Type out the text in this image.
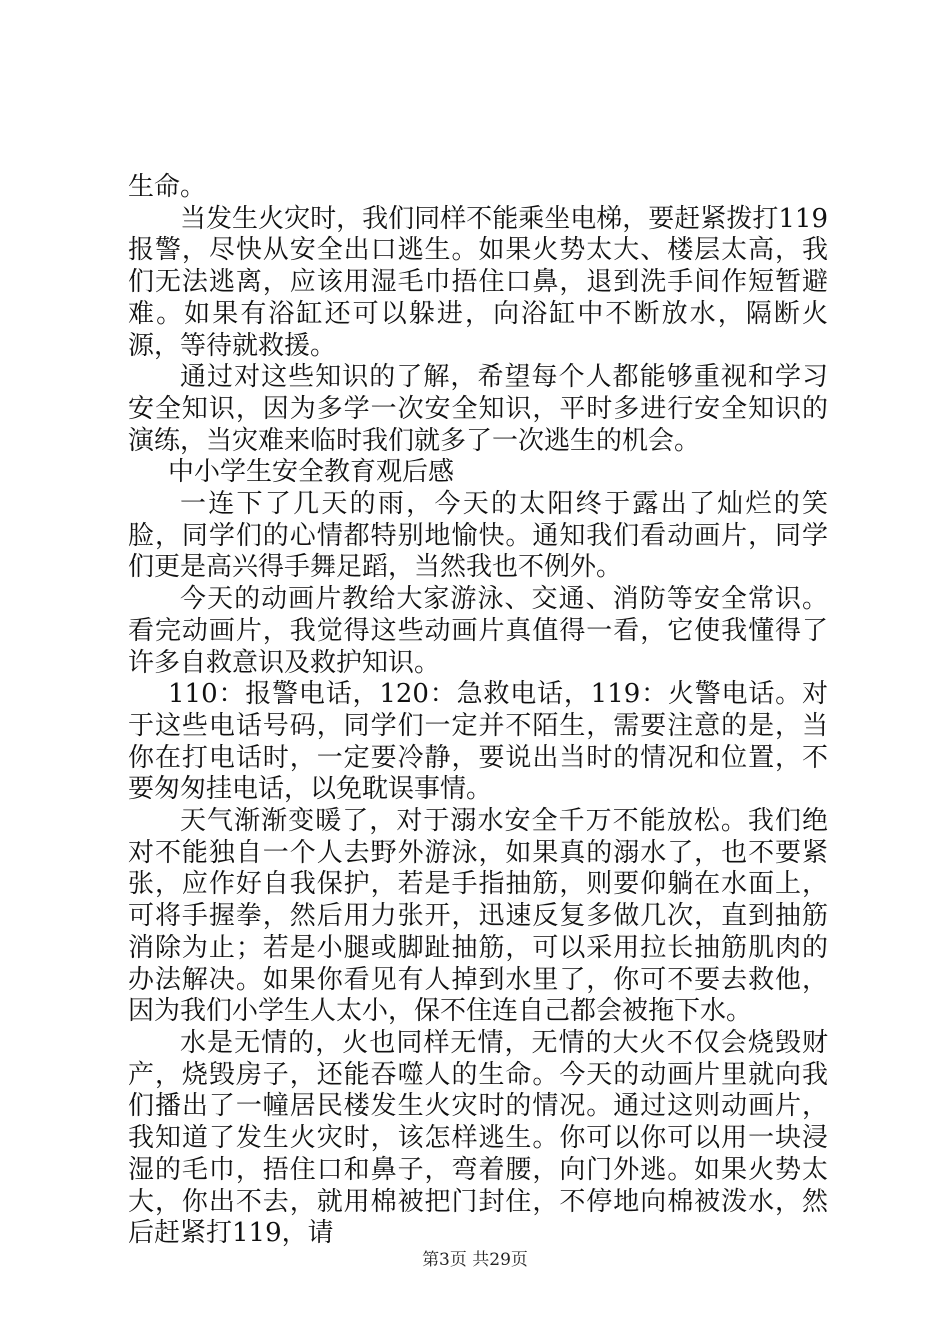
生命。

当发生火灾时，我们同样不能乘坐电梯，要赶紧拨打119报警，尽快从安全出口逃生。如果火势太大、楼层太高，我们无法逃离，应该用湿毛巾捂住口鼻，退到洗手间作短暂避难。如果有浴缸还可以躲进，向浴缸中不断放水，隔断火源，等待就救援。

通过对这些知识的了解，希望每个人都能够重视和学习安全知识，因为多学一次安全知识，平时多进行安全知识的演练，当灾难来临时我们就多了一次逃生的机会。

中小学生安全教育观后感

一连下了几天的雨，今天的太阳终于露出了灿烂的笑脸，同学们的心情都特别地愉快。通知我们看动画片，同学们更是高兴得手舞足蹈，当然我也不例外。

今天的动画片教给大家游泳、交通、消防等安全常识。看完动画片，我觉得这些动画片真值得一看，它使我懂得了许多自救意识及救护知识。

110：报警电话，120：急救电话，119：火警电话。对于这些电话号码，同学们一定并不陌生，需要注意的是，当你在打电话时，一定要冷静，要说出当时的情况和位置，不要匆匆挂电话，以免耽误事情。

天气渐渐变暖了，对于溺水安全千万不能放松。我们绝对不能独自一个人去野外游泳，如果真的溺水了，也不要紧张，应作好自我保护，若是手指抽筋，则要仰躺在水面上，可将手握拳，然后用力张开，迅速反复多做几次，直到抽筋消除为止；若是小腿或脚趾抽筋，可以采用拉长抽筋肌肉的办法解决。如果你看见有人掉到水里了，你可不要去救他，因为我们小学生人太小，保不住连自己都会被拖下水。

水是无情的，火也同样无情，无情的大火不仅会烧毁财产，烧毁房子，还能吞噬人的生命。今天的动画片里就向我们播出了一幢居民楼发生火灾时的情况。通过这则动画片，我知道了发生火灾时，该怎样逃生。你可以你可以用一块浸湿的毛巾，捂住口和鼻子，弯着腰，向门外逃。如果火势太大，你出不去，就用棉被把门封住，不停地向棉被泼水，然后赶紧打119，请

第3页 共29页
